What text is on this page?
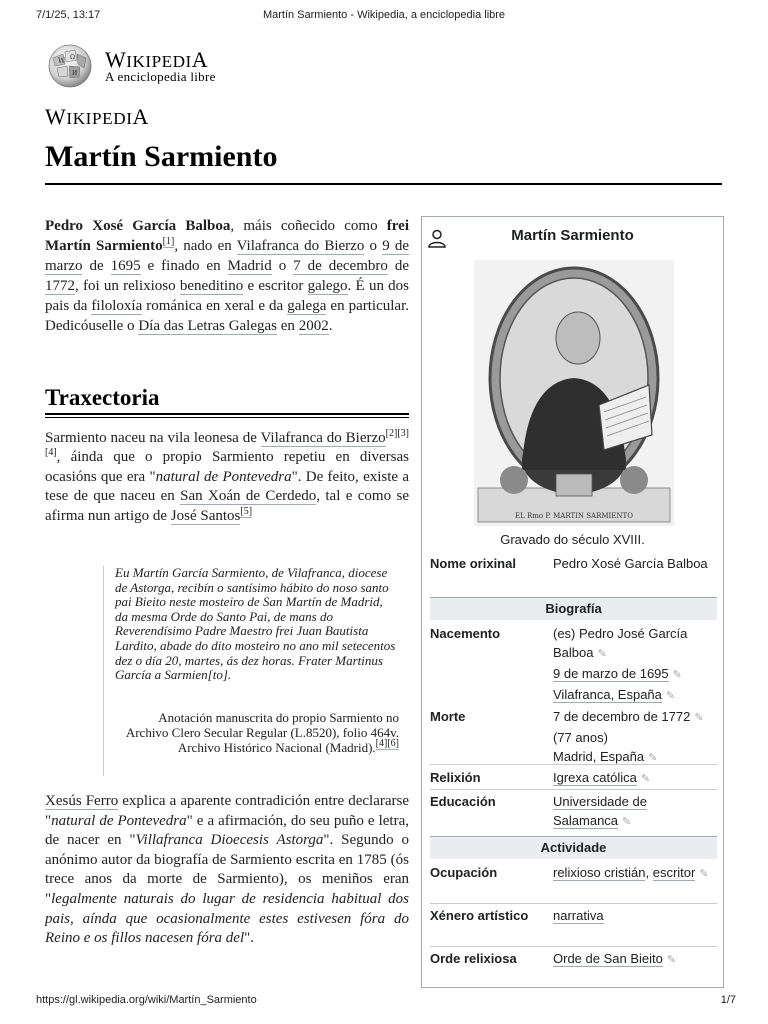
7/1/25, 13:17	Martín Sarmiento - Wikipedia, a enciclopedia libre
W Ω
И
WIKIPEDIA
A enciclopedia libre
WIKIPEDIA
Martín Sarmiento

Pedro Xosé García Balboa, máis coñecido como frei Martín Sarmiento[1], nado en Vilafranca do Bierzo o 9 de marzo de 1695 e finado en Madrid o 7 de decembro de 1772, foi un relixioso beneditino e escritor galego. É un dos pais da filoloxía románica en xeral e da galega en particular. Dedicóuselle o Día das Letras Galegas en 2002.

Traxectoria
Sarmiento naceu na vila leonesa de Vilafranca do Bierzo[2][3][4], áinda que o propio Sarmiento repetiu en diversas ocasións que era "natural de Pontevedra". De feito, existe a tese de que naceu en San Xoán de Cerdedo, tal e como se afirma nun artigo de José Santos[5]
Eu Martín García Sarmiento, de Vilafranca, diocese de Astorga, recibín o santísimo hábito do noso santo pai Bieito neste mosteiro de San Martín de Madrid, da mesma Orde do Santo Pai, de mans do Reverendísimo Padre Maestro frei Juan Bautista Lardito, abade do dito mosteiro no ano mil setecentos dez o día 20, martes, ás dez horas. Frater Martinus García a Sarmien[to].
Anotación manuscrita do propio Sarmiento no Archivo Clero Secular Regular (L.8520), folio 464v. Archivo Histórico Nacional (Madrid).[4][6]
Xesús Ferro explica a aparente contradición entre declararse "natural de Pontevedra" e a afirmación, do seu puño e letra, de nacer en "Villafranca Dioecesis Astorga". Segundo o anónimo autor da biografía de Sarmiento escrita en 1785 (ós trece anos da morte de Sarmiento), os meniños eran "legalmente naturais do lugar de residencia habitual dos pais, aínda que ocasionalmente estes estivesen fóra do Reino e os fillos nacesen fóra del".
Martín Sarmiento
EL Rmo P. MARTIN SARMIENTO
Gravado do século XVIII.
Nome orixinal	Pedro Xosé García Balboa
Biografía
Nacemento	(es) Pedro José García Balboa ✎
9 de marzo de 1695 ✎
Vilafranca, España ✎
Morte	7 de decembro de 1772 ✎
(77 anos)
Madrid, España ✎
Relixión	Igrexa católica ✎
Educación	Universidade de Salamanca ✎
Actividade
Ocupación	relixioso cristián, escritor ✎
Xénero artístico	narrativa
Orde relixiosa	Orde de San Bieito ✎
https://gl.wikipedia.org/wiki/Martín_Sarmiento	1/7
